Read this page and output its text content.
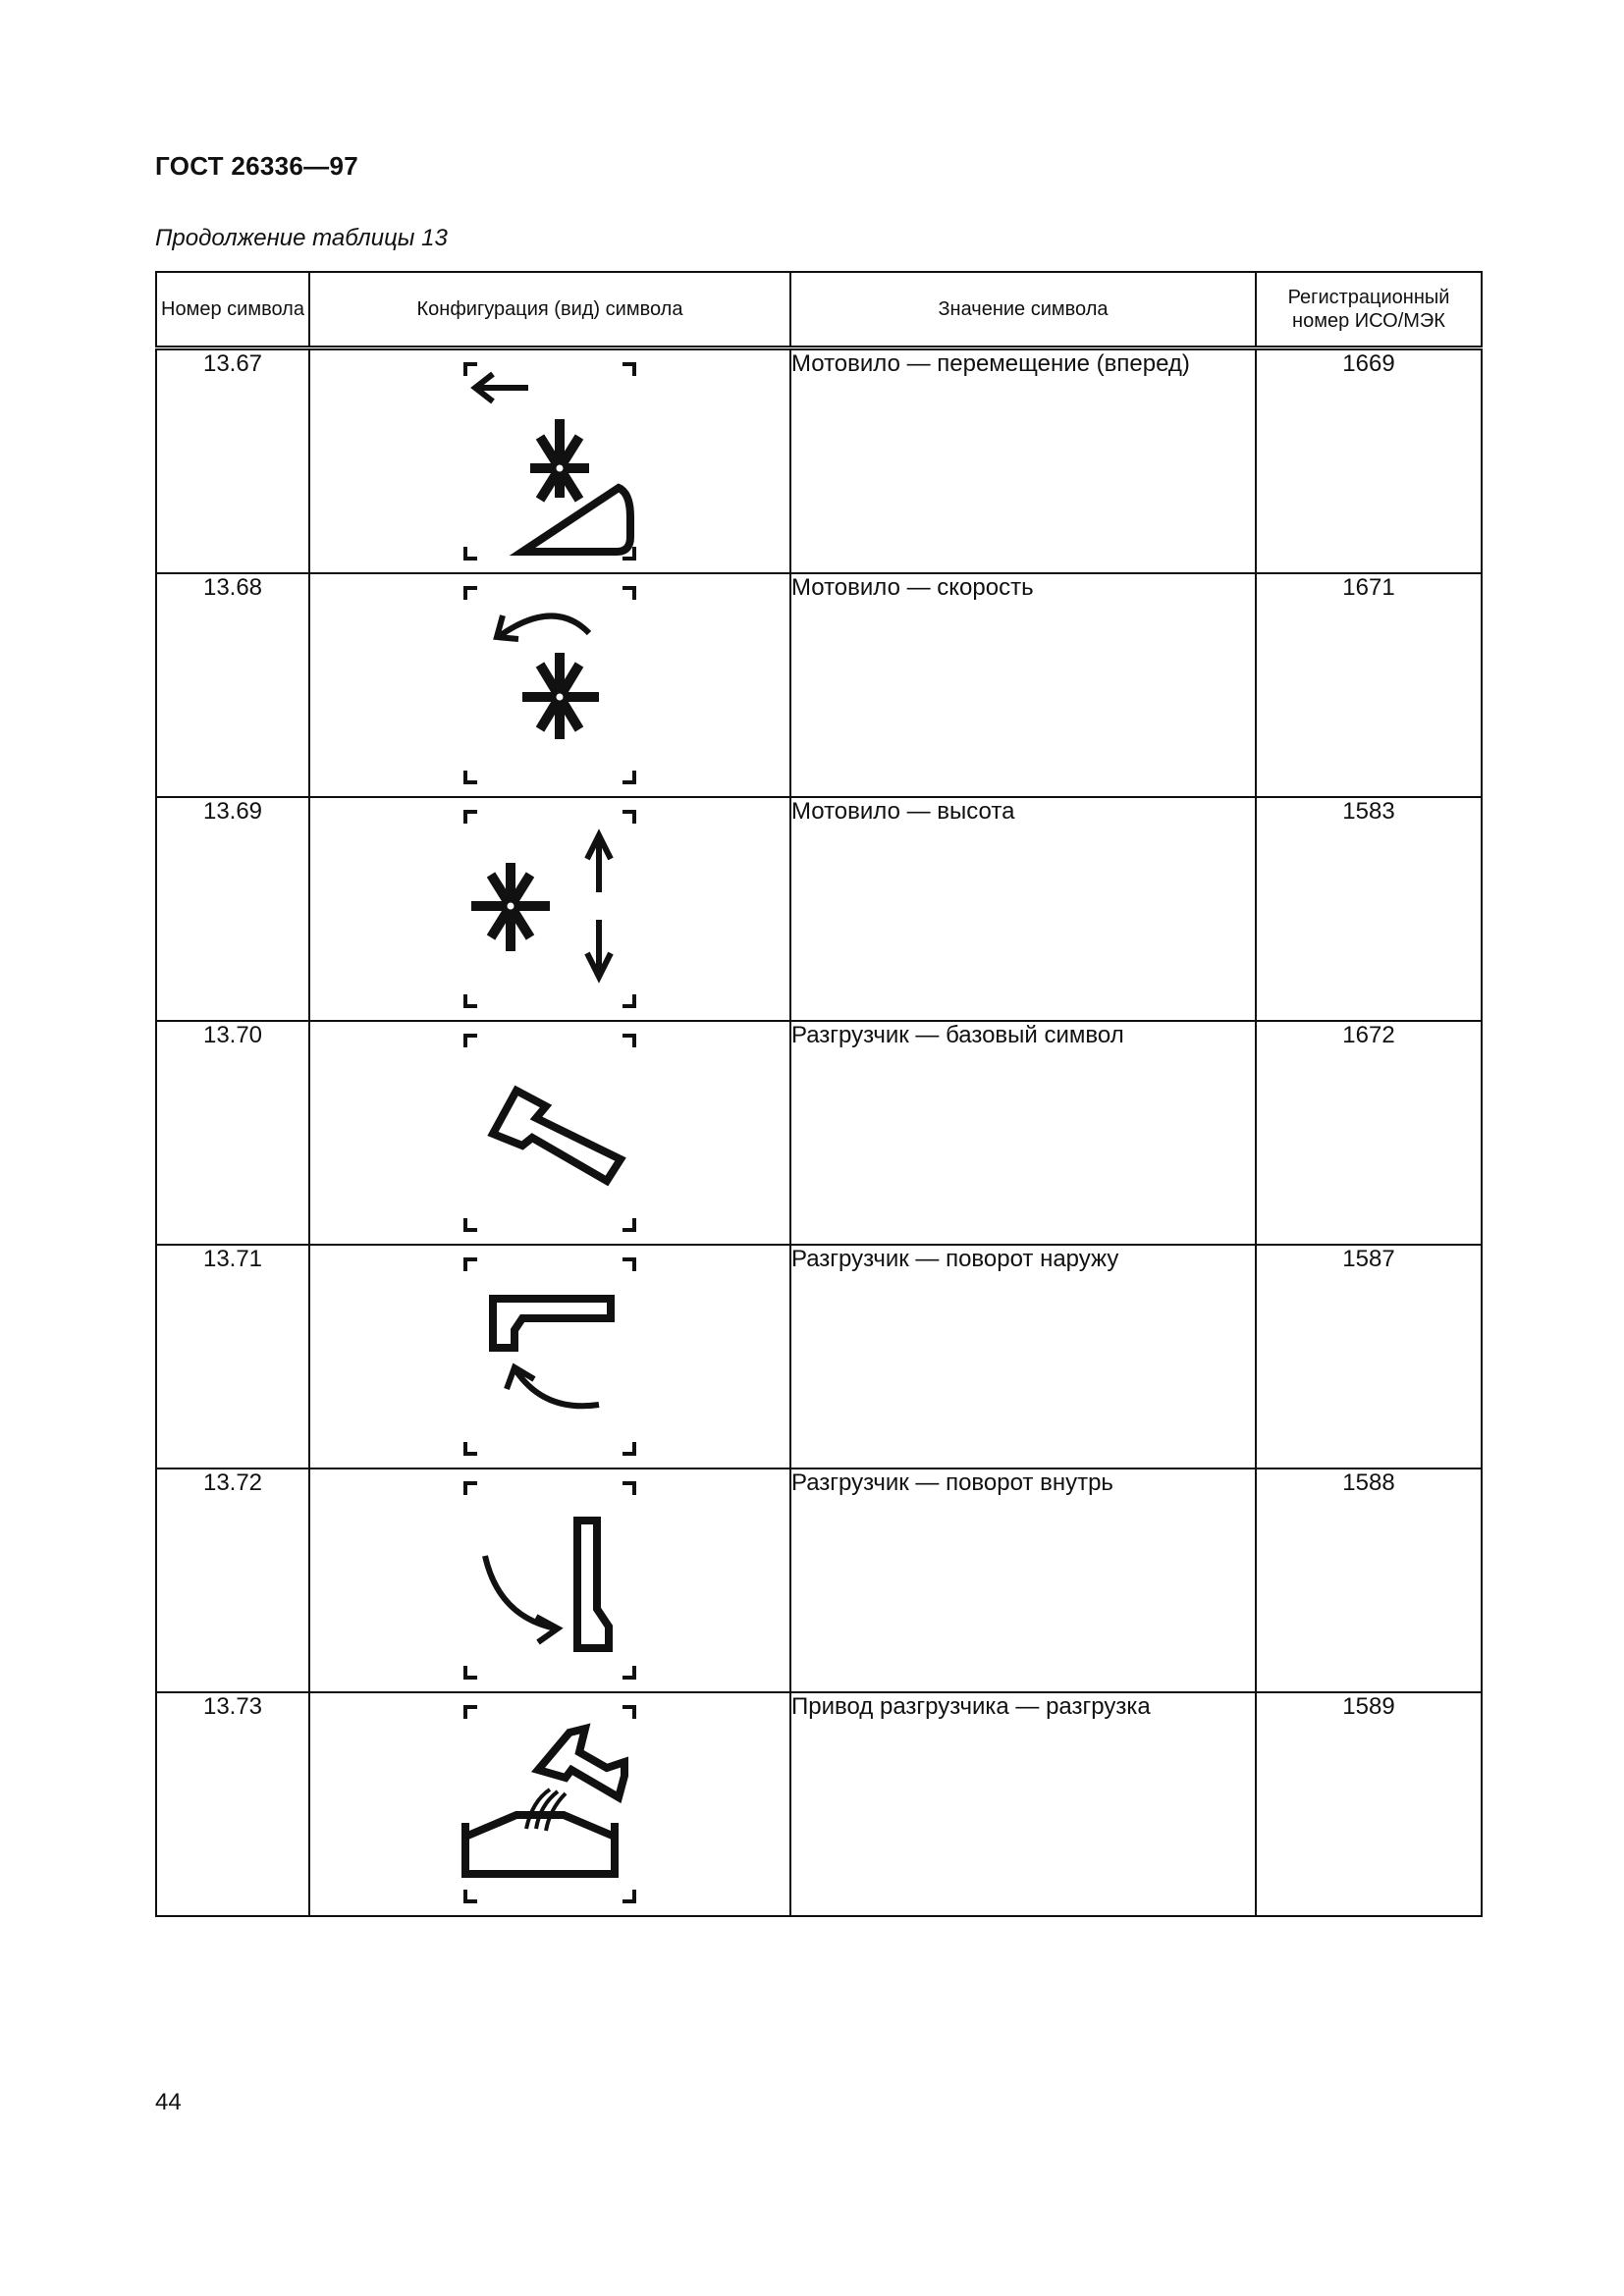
ГОСТ 26336—97
Продолжение таблицы 13
Номер символа	Конфигурация (вид) символа	Значение символа	Регистрационный номер ИСО/МЭК
13.67		Мотовило — перемещение (вперед)	1669
13.68		Мотовило — скорость	1671
13.69		Мотовило — высота	1583
13.70		Разгрузчик — базовый символ	1672
13.71		Разгрузчик — поворот наружу	1587
13.72		Разгрузчик — поворот внутрь	1588
13.73		Привод разгрузчика — разгрузка	1589
44
